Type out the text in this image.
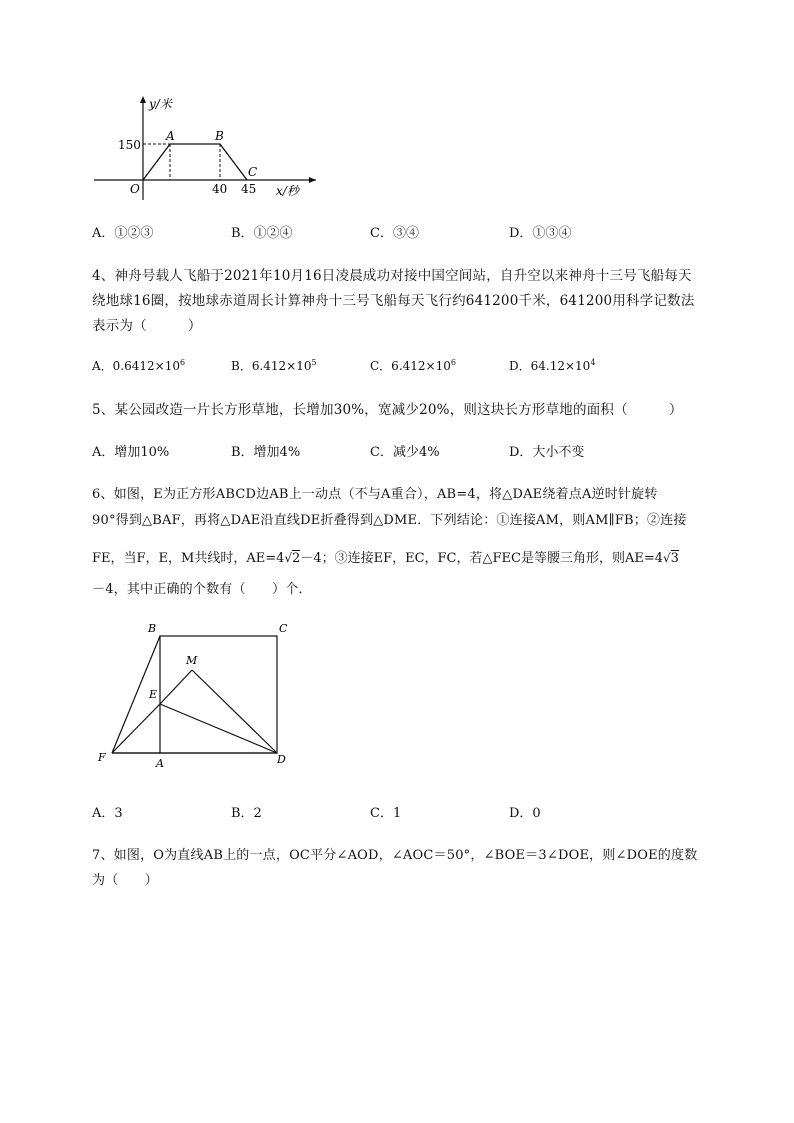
y/米
x/秒
O
A	B
C
150
40 45
A．①②③	B．①②④	C．③④	D．①③④
4、神舟号载人飞船于2021年10月16日凌晨成功对接中国空间站，自升空以来神舟十三号飞船每天
绕地球16圈，按地球赤道周长计算神舟十三号飞船每天飞行约641200千米，641200用科学记数法
表示为（　　　）
A．$0.6412\times 10^6$	B．$6.412\times 10^5$	C．$6.412\times 10^6$	D．$64.12\times 10^4$
5、某公园改造一片长方形草地，长增加30%，宽减少20%，则这块长方形草地的面积（　　　）
A．增加10%	B．增加4%	C．减少4%	D．大小不变
6、如图，E为正方形ABCD边AB上一动点（不与A重合），AB=4，将△DAE绕着点A逆时针旋转
90°得到△BAF，再将△DAE沿直线DE折叠得到△DME．下列结论：①连接AM，则AM∥FB；②连接
FE，当F，E，M共线时，AE=4√2－4；③连接EF，EC，FC，若△FEC是等腰三角形，则AE=4√3
－4，其中正确的个数有（　　）个．
B	C
M
E
F	A	D
A．3	B．2	C．1	D．0
7、如图，O为直线AB上的一点，OC平分∠AOD，∠AOC＝50°，∠BOE＝3∠DOE，则∠DOE的度数
为（　　）
